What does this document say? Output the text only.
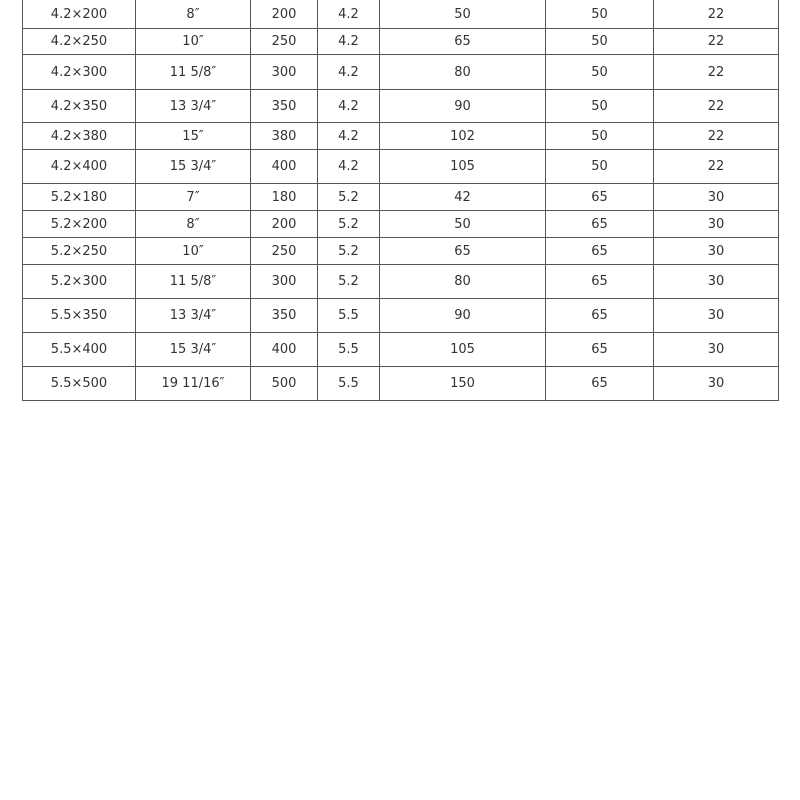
4.2×200	8″	200	4.2	50	50	22
4.2×250	10″	250	4.2	65	50	22
4.2×300	11 5/8″	300	4.2	80	50	22
4.2×350	13 3/4″	350	4.2	90	50	22
4.2×380	15″	380	4.2	102	50	22
4.2×400	15 3/4″	400	4.2	105	50	22
5.2×180	7″	180	5.2	42	65	30
5.2×200	8″	200	5.2	50	65	30
5.2×250	10″	250	5.2	65	65	30
5.2×300	11 5/8″	300	5.2	80	65	30
5.5×350	13 3/4″	350	5.5	90	65	30
5.5×400	15 3/4″	400	5.5	105	65	30
5.5×500	19 11/16″	500	5.5	150	65	30
